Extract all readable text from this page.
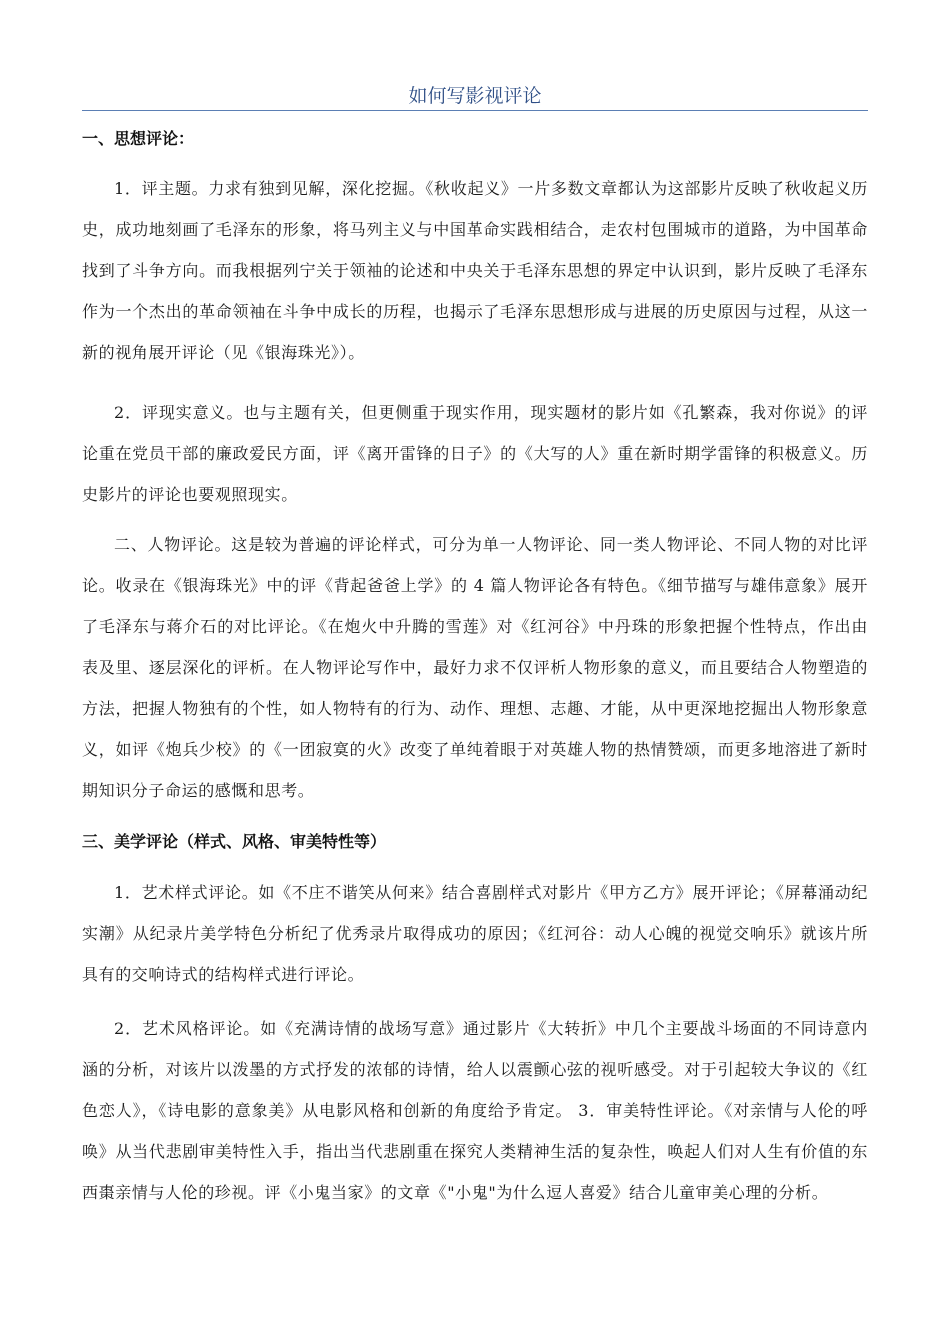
如何写影视评论
一、思想评论：
1．评主题。力求有独到见解，深化挖掘。《秋收起义》一片多数文章都认为这部影片反映了秋收起义历史，成功地刻画了毛泽东的形象，将马列主义与中国革命实践相结合，走农村包围城市的道路，为中国革命找到了斗争方向。而我根据列宁关于领袖的论述和中央关于毛泽东思想的界定中认识到，影片反映了毛泽东作为一个杰出的革命领袖在斗争中成长的历程，也揭示了毛泽东思想形成与进展的历史原因与过程，从这一新的视角展开评论（见《银海珠光》）。
2．评现实意义。也与主题有关，但更侧重于现实作用，现实题材的影片如《孔繁森，我对你说》的评论重在党员干部的廉政爱民方面，评《离开雷锋的日子》的《大写的人》重在新时期学雷锋的积极意义。历史影片的评论也要观照现实。
二、人物评论。这是较为普遍的评论样式，可分为单一人物评论、同一类人物评论、不同人物的对比评论。收录在《银海珠光》中的评《背起爸爸上学》的 4 篇人物评论各有特色。《细节描写与雄伟意象》展开了毛泽东与蒋介石的对比评论。《在炮火中升腾的雪莲》对《红河谷》中丹珠的形象把握个性特点，作出由表及里、逐层深化的评析。在人物评论写作中，最好力求不仅评析人物形象的意义，而且要结合人物塑造的方法，把握人物独有的个性，如人物特有的行为、动作、理想、志趣、才能，从中更深地挖掘出人物形象意义，如评《炮兵少校》的《一团寂寞的火》改变了单纯着眼于对英雄人物的热情赞颂，而更多地溶进了新时期知识分子命运的感慨和思考。
三、美学评论（样式、风格、审美特性等）
1．艺术样式评论。如《不庄不谐笑从何来》结合喜剧样式对影片《甲方乙方》展开评论；《屏幕涌动纪实潮》从纪录片美学特色分析纪了优秀录片取得成功的原因；《红河谷：动人心魄的视觉交响乐》就该片所具有的交响诗式的结构样式进行评论。
2．艺术风格评论。如《充满诗情的战场写意》通过影片《大转折》中几个主要战斗场面的不同诗意内涵的分析，对该片以泼墨的方式抒发的浓郁的诗情，给人以震颤心弦的视听感受。对于引起较大争议的《红色恋人》，《诗电影的意象美》从电影风格和创新的角度给予肯定。 3．审美特性评论。《对亲情与人伦的呼唤》从当代悲剧审美特性入手，指出当代悲剧重在探究人类精神生活的复杂性，唤起人们对人生有价值的东西棗亲情与人伦的珍视。评《小鬼当家》的文章《"小鬼"为什么逗人喜爱》结合儿童审美心理的分析。
